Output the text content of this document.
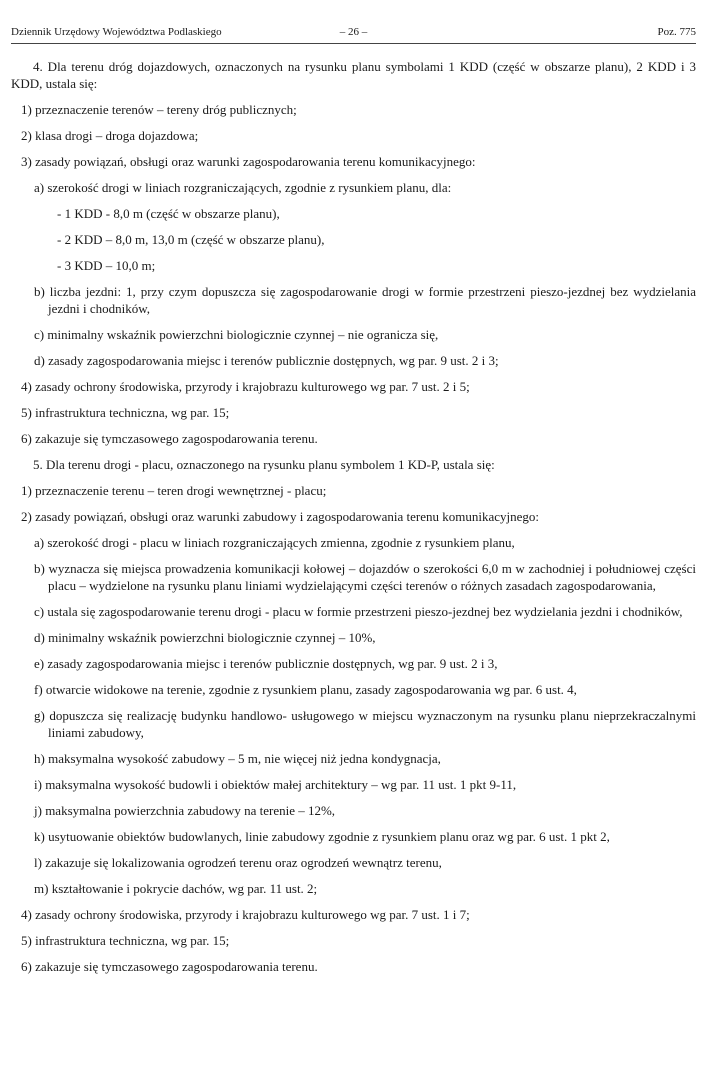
Dziennik Urzędowy Województwa Podlaskiego	– 26 –	Poz. 775
4. Dla terenu dróg dojazdowych, oznaczonych na rysunku planu symbolami 1 KDD (część w obszarze planu), 2 KDD i 3 KDD, ustala się:
1) przeznaczenie terenów – tereny dróg publicznych;
2) klasa drogi – droga dojazdowa;
3) zasady powiązań, obsługi oraz warunki zagospodarowania terenu komunikacyjnego:
a) szerokość drogi w liniach rozgraniczających, zgodnie z rysunkiem planu, dla:
- 1 KDD - 8,0 m (część w obszarze planu),
- 2 KDD – 8,0 m, 13,0 m (część w obszarze planu),
- 3 KDD – 10,0 m;
b) liczba jezdni: 1, przy czym dopuszcza się zagospodarowanie drogi w formie przestrzeni pieszo-jezdnej bez wydzielania jezdni i chodników,
c) minimalny wskaźnik powierzchni biologicznie czynnej – nie ogranicza się,
d) zasady zagospodarowania miejsc i terenów publicznie dostępnych, wg par. 9 ust. 2 i 3;
4) zasady ochrony środowiska, przyrody i krajobrazu kulturowego wg par. 7 ust. 2 i 5;
5) infrastruktura techniczna, wg par. 15;
6) zakazuje się tymczasowego zagospodarowania terenu.
5. Dla terenu drogi - placu, oznaczonego na rysunku planu symbolem 1 KD-P, ustala się:
1) przeznaczenie terenu – teren drogi wewnętrznej - placu;
2) zasady powiązań, obsługi oraz warunki zabudowy i zagospodarowania terenu komunikacyjnego:
a) szerokość drogi - placu w liniach rozgraniczających zmienna, zgodnie z rysunkiem planu,
b) wyznacza się miejsca prowadzenia komunikacji kołowej – dojazdów o szerokości 6,0 m w zachodniej i południowej części placu – wydzielone na rysunku planu liniami wydzielającymi części terenów o różnych zasadach zagospodarowania,
c) ustala się zagospodarowanie terenu drogi - placu w formie przestrzeni pieszo-jezdnej bez wydzielania jezdni i chodników,
d) minimalny wskaźnik powierzchni biologicznie czynnej – 10%,
e) zasady zagospodarowania miejsc i terenów publicznie dostępnych, wg par. 9 ust. 2 i 3,
f) otwarcie widokowe na terenie, zgodnie z rysunkiem planu, zasady zagospodarowania wg par. 6 ust. 4,
g) dopuszcza się realizację budynku handlowo- usługowego w miejscu wyznaczonym na rysunku planu nieprzekraczalnymi liniami zabudowy,
h) maksymalna wysokość zabudowy – 5 m, nie więcej niż jedna kondygnacja,
i) maksymalna wysokość budowli i obiektów małej architektury – wg par. 11 ust. 1 pkt 9-11,
j) maksymalna powierzchnia zabudowy na terenie – 12%,
k) usytuowanie obiektów budowlanych, linie zabudowy zgodnie z rysunkiem planu oraz wg par. 6 ust. 1 pkt 2,
l) zakazuje się lokalizowania ogrodzeń terenu oraz ogrodzeń wewnątrz terenu,
m) kształtowanie i pokrycie dachów, wg par. 11 ust. 2;
4) zasady ochrony środowiska, przyrody i krajobrazu kulturowego wg par. 7 ust. 1 i 7;
5) infrastruktura techniczna, wg par. 15;
6) zakazuje się tymczasowego zagospodarowania terenu.
